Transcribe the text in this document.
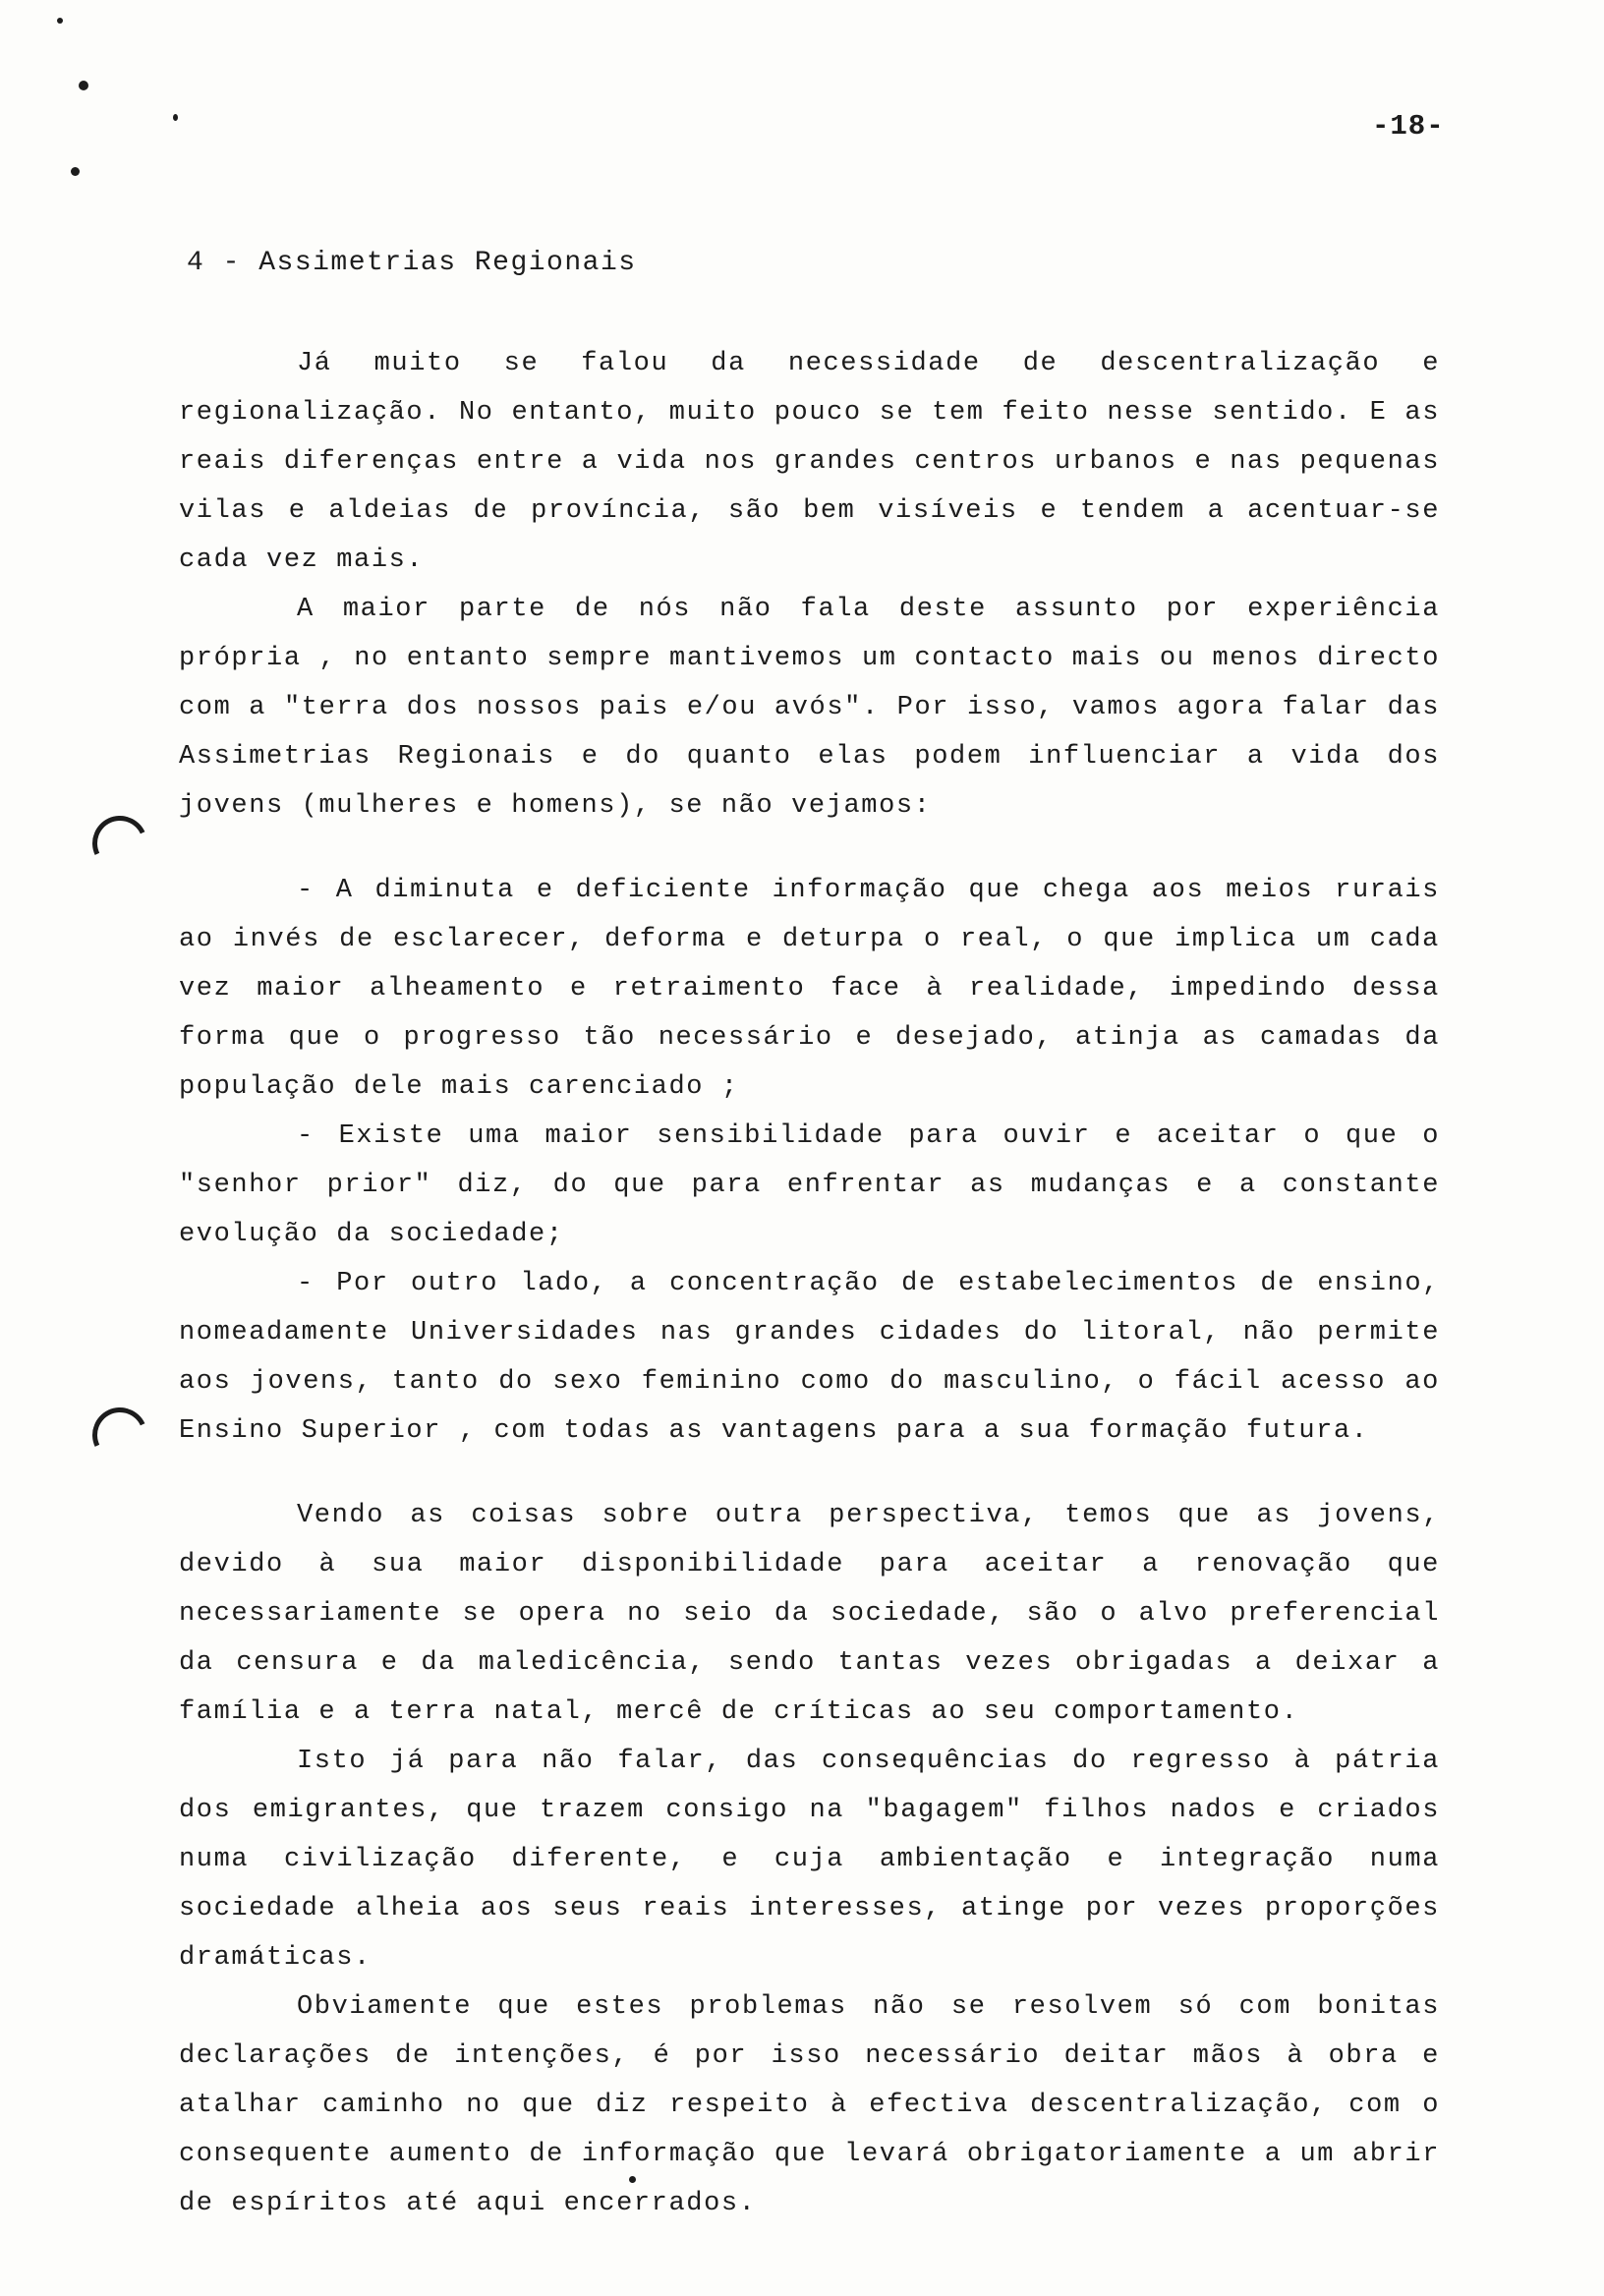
-18-
4 - Assimetrias Regionais

Já muito se falou da necessidade de descentralização e regionalização. No entanto, muito pouco se tem feito nesse sentido. E as reais diferenças entre a vida nos grandes centros urbanos e nas pequenas vilas e aldeias de província, são bem visíveis e tendem a acentuar-se cada vez mais.

A maior parte de nós não fala deste assunto por experiência própria , no entanto sempre mantivemos um contacto mais ou menos directo com a "terra dos nossos pais e/ou avós". Por isso, vamos agora falar das Assimetrias Regionais e do quanto elas podem influenciar a vida dos jovens (mulheres e homens), se não vejamos:

- A diminuta e deficiente informação que chega aos meios rurais ao invés de esclarecer, deforma e deturpa o real, o que implica um cada vez maior alheamento e retraimento face à realidade, impedindo dessa forma que o progresso tão necessário e desejado, atinja as camadas da população dele mais carenciado ;

- Existe uma maior sensibilidade para ouvir e aceitar o que o "senhor prior" diz, do que para enfrentar as mudanças e a constante evolução da sociedade;

- Por outro lado, a concentração de estabelecimentos de ensino, nomeadamente Universidades nas grandes cidades do litoral, não permite aos jovens, tanto do sexo feminino como do masculino, o fácil acesso ao Ensino Superior , com todas as vantagens para a sua formação futura.

Vendo as coisas sobre outra perspectiva, temos que as jovens, devido à sua maior disponibilidade para aceitar a renovação que necessariamente se opera no seio da sociedade, são o alvo preferencial da censura e da maledicência, sendo tantas vezes obrigadas a deixar a família e a terra natal, mercê de críticas ao seu comportamento.

Isto já para não falar, das consequências do regresso à pátria dos emigrantes, que trazem consigo na "bagagem" filhos nados e criados numa civilização diferente, e cuja ambientação e integração numa sociedade alheia aos seus reais interesses, atinge por vezes proporções dramáticas.

Obviamente que estes problemas não se resolvem só com bonitas declarações de intenções, é por isso necessário deitar mãos à obra e atalhar caminho no que diz respeito à efectiva descentralização, com o consequente aumento de informação que levará obrigatoriamente a um abrir de espíritos até aqui encerrados.
